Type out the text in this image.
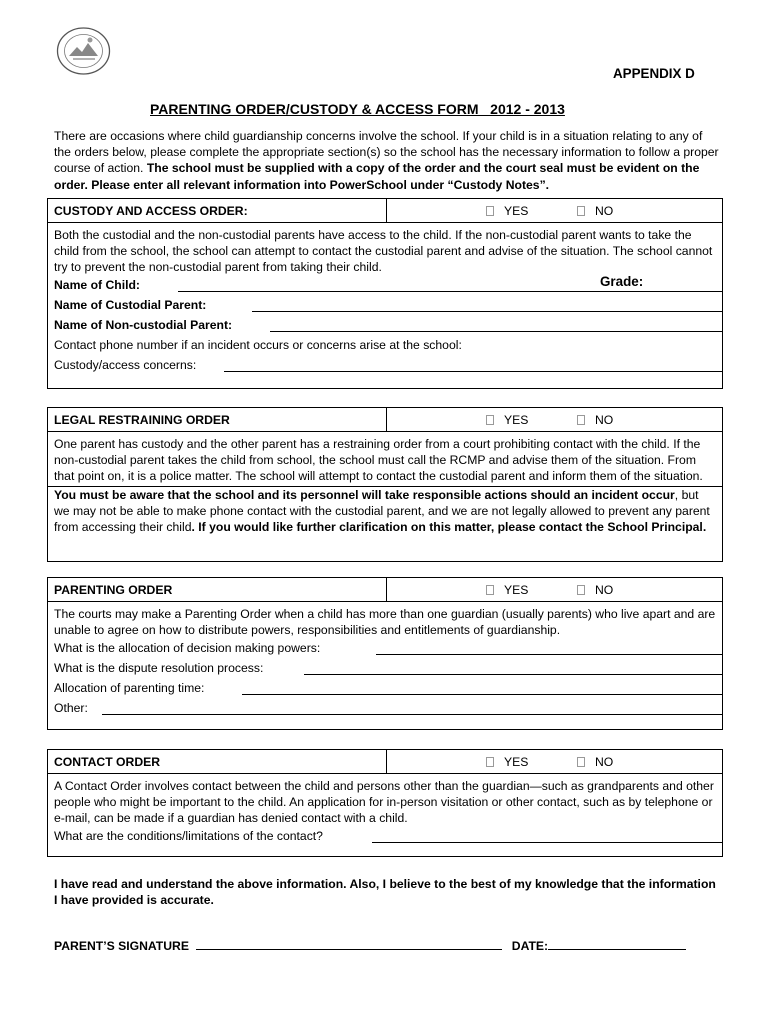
APPENDIX D
PARENTING ORDER/CUSTODY & ACCESS FORM   2012 - 2013
There are occasions where child guardianship concerns involve the school. If your child is in a situation relating to any of the orders below, please complete the appropriate section(s) so the school has the necessary information to follow a proper course of action. The school must be supplied with a copy of the order and the court seal must be evident on the order. Please enter all relevant information into PowerSchool under “Custody Notes”.
CUSTODY AND ACCESS ORDER:	YES	NO
Both the custodial and the non-custodial parents have access to the child. If the non-custodial parent wants to take the child from the school, the school can attempt to contact the custodial parent and advise of the situation. The school cannot try to prevent the non-custodial parent from taking their child.
Name of Child:	Grade:
Name of Custodial Parent:
Name of Non-custodial Parent:
Contact phone number if an incident occurs or concerns arise at the school:
Custody/access concerns:
LEGAL RESTRAINING ORDER	YES	NO
One parent has custody and the other parent has a restraining order from a court prohibiting contact with the child. If the non-custodial parent takes the child from school, the school must call the RCMP and advise them of the situation. From that point on, it is a police matter. The school will attempt to contact the custodial parent and inform them of the situation.
You must be aware that the school and its personnel will take responsible actions should an incident occur, but we may not be able to make phone contact with the custodial parent, and we are not legally allowed to prevent any parent from accessing their child. If you would like further clarification on this matter, please contact the School Principal.
PARENTING ORDER	YES	NO
The courts may make a Parenting Order when a child has more than one guardian (usually parents) who live apart and are unable to agree on how to distribute powers, responsibilities and entitlements of guardianship.
What is the allocation of decision making powers:
What is the dispute resolution process:
Allocation of parenting time:
Other:
CONTACT ORDER	YES	NO
A Contact Order involves contact between the child and persons other than the guardian—such as grandparents and other people who might be important to the child. An application for in-person visitation or other contact, such as by telephone or e-mail, can be made if a guardian has denied contact with a child.
What are the conditions/limitations of the contact?
I have read and understand the above information. Also, I believe to the best of my knowledge that the information I have provided is accurate.
PARENT’S SIGNATURE	DATE:
